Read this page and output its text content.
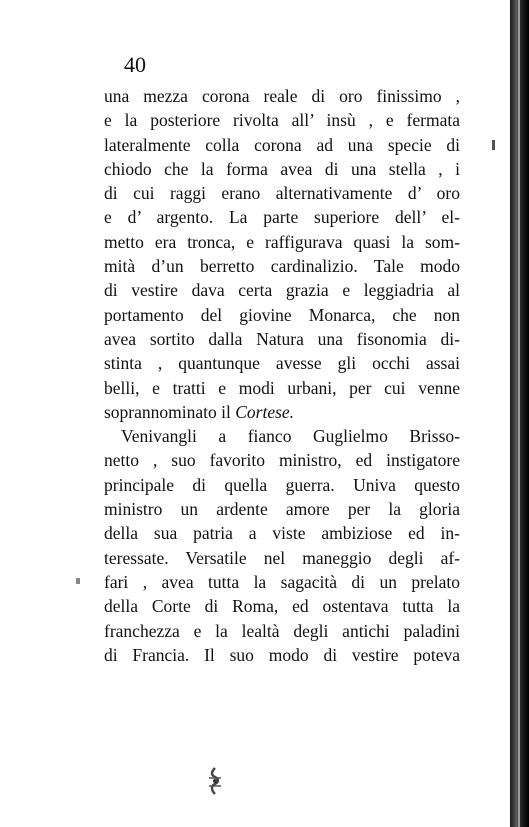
40
una mezza corona reale di oro finissimo ,
e la posteriore rivolta all’ insù , e fermata
lateralmente colla corona ad una specie di
chiodo che la forma avea di una stella , i
di cui raggi erano alternativamente d’ oro
e d’ argento. La parte superiore dell’ el-
metto era tronca, e raffigurava quasi la som-
mità d’un berretto cardinalizio. Tale modo
di vestire dava certa grazia e leggiadria al
portamento del giovine Monarca, che non
avea sortito dalla Natura una fisonomia di-
stinta , quantunque avesse gli occhi assai
belli, e tratti e modi urbani, per cui venne
soprannominato il Cortese.
Venivangli a fianco Guglielmo Brisso-
netto , suo favorito ministro, ed instigatore
principale di quella guerra. Univa questo
ministro un ardente amore per la gloria
della sua patria a viste ambiziose ed in-
teressate. Versatile nel maneggio degli af-
fari , avea tutta la sagacità di un prelato
della Corte di Roma, ed ostentava tutta la
franchezza e la lealtà degli antichi paladini
di Francia. Il suo modo di vestire poteva
